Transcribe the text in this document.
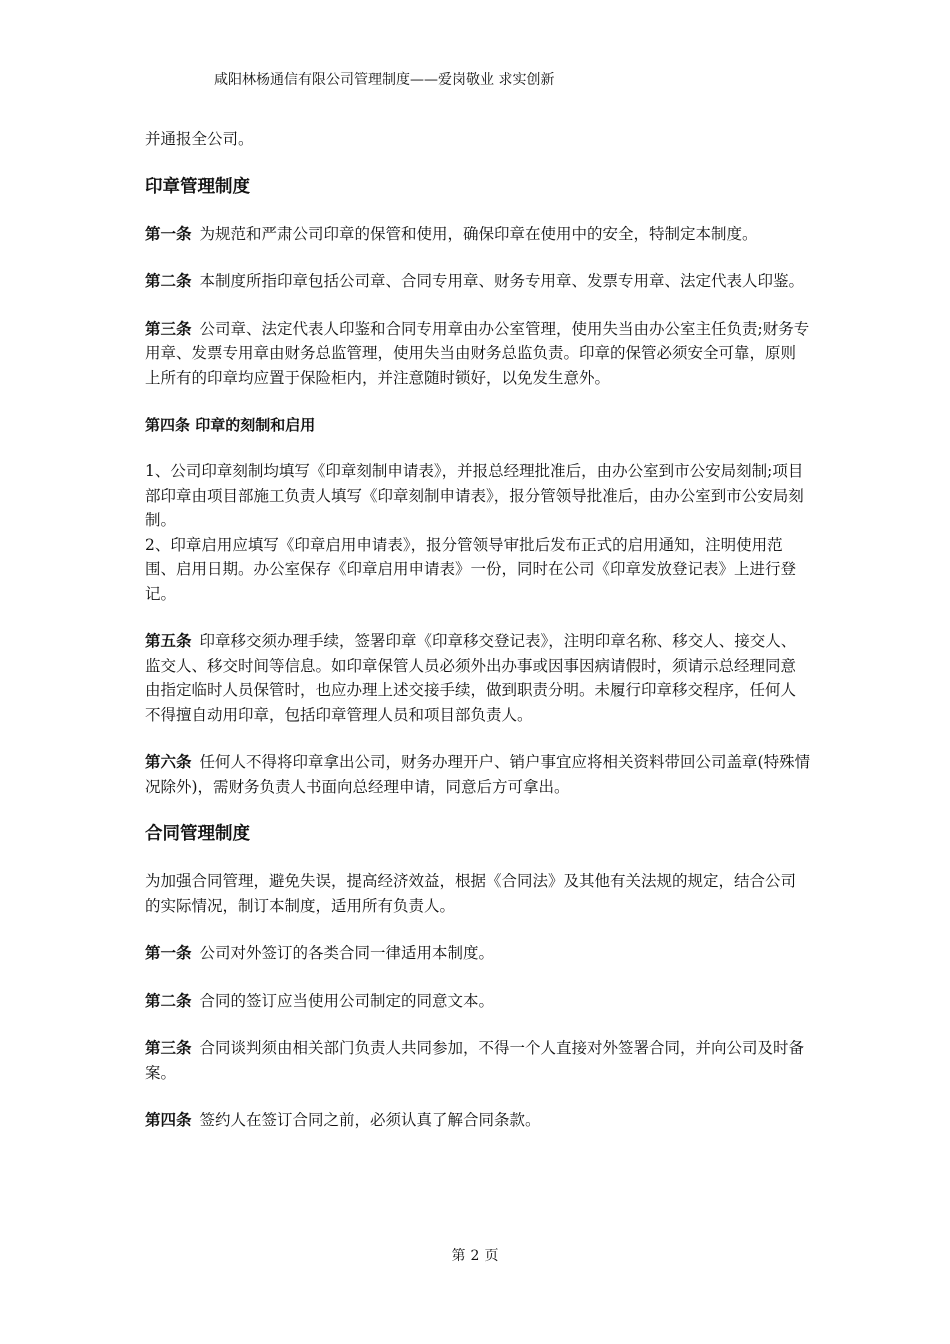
咸阳林杨通信有限公司管理制度——爱岗敬业 求实创新

并通报全公司。

印章管理制度

第一条 为规范和严肃公司印章的保管和使用，确保印章在使用中的安全，特制定本制度。

第二条 本制度所指印章包括公司章、合同专用章、财务专用章、发票专用章、法定代表人印鉴。

第三条 公司章、法定代表人印鉴和合同专用章由办公室管理，使用失当由办公室主任负责;财务专用章、发票专用章由财务总监管理，使用失当由财务总监负责。印章的保管必须安全可靠，原则上所有的印章均应置于保险柜内，并注意随时锁好，以免发生意外。

第四条 印章的刻制和启用

1、公司印章刻制均填写《印章刻制申请表》，并报总经理批准后，由办公室到市公安局刻制;项目部印章由项目部施工负责人填写《印章刻制申请表》，报分管领导批准后，由办公室到市公安局刻制。

2、印章启用应填写《印章启用申请表》，报分管领导审批后发布正式的启用通知，注明使用范围、启用日期。办公室保存《印章启用申请表》一份，同时在公司《印章发放登记表》上进行登记。

第五条 印章移交须办理手续，签署印章《印章移交登记表》，注明印章名称、移交人、接交人、监交人、移交时间等信息。如印章保管人员必须外出办事或因事因病请假时，须请示总经理同意由指定临时人员保管时，也应办理上述交接手续，做到职责分明。未履行印章移交程序，任何人不得擅自动用印章，包括印章管理人员和项目部负责人。

第六条 任何人不得将印章拿出公司，财务办理开户、销户事宜应将相关资料带回公司盖章(特殊情况除外)，需财务负责人书面向总经理申请，同意后方可拿出。

合同管理制度

为加强合同管理，避免失误，提高经济效益，根据《合同法》及其他有关法规的规定，结合公司的实际情况，制订本制度，适用所有负责人。

第一条 公司对外签订的各类合同一律适用本制度。

第二条 合同的签订应当使用公司制定的同意文本。

第三条 合同谈判须由相关部门负责人共同参加，不得一个人直接对外签署合同，并向公司及时备案。

第四条 签约人在签订合同之前，必须认真了解合同条款。

第 2 页
